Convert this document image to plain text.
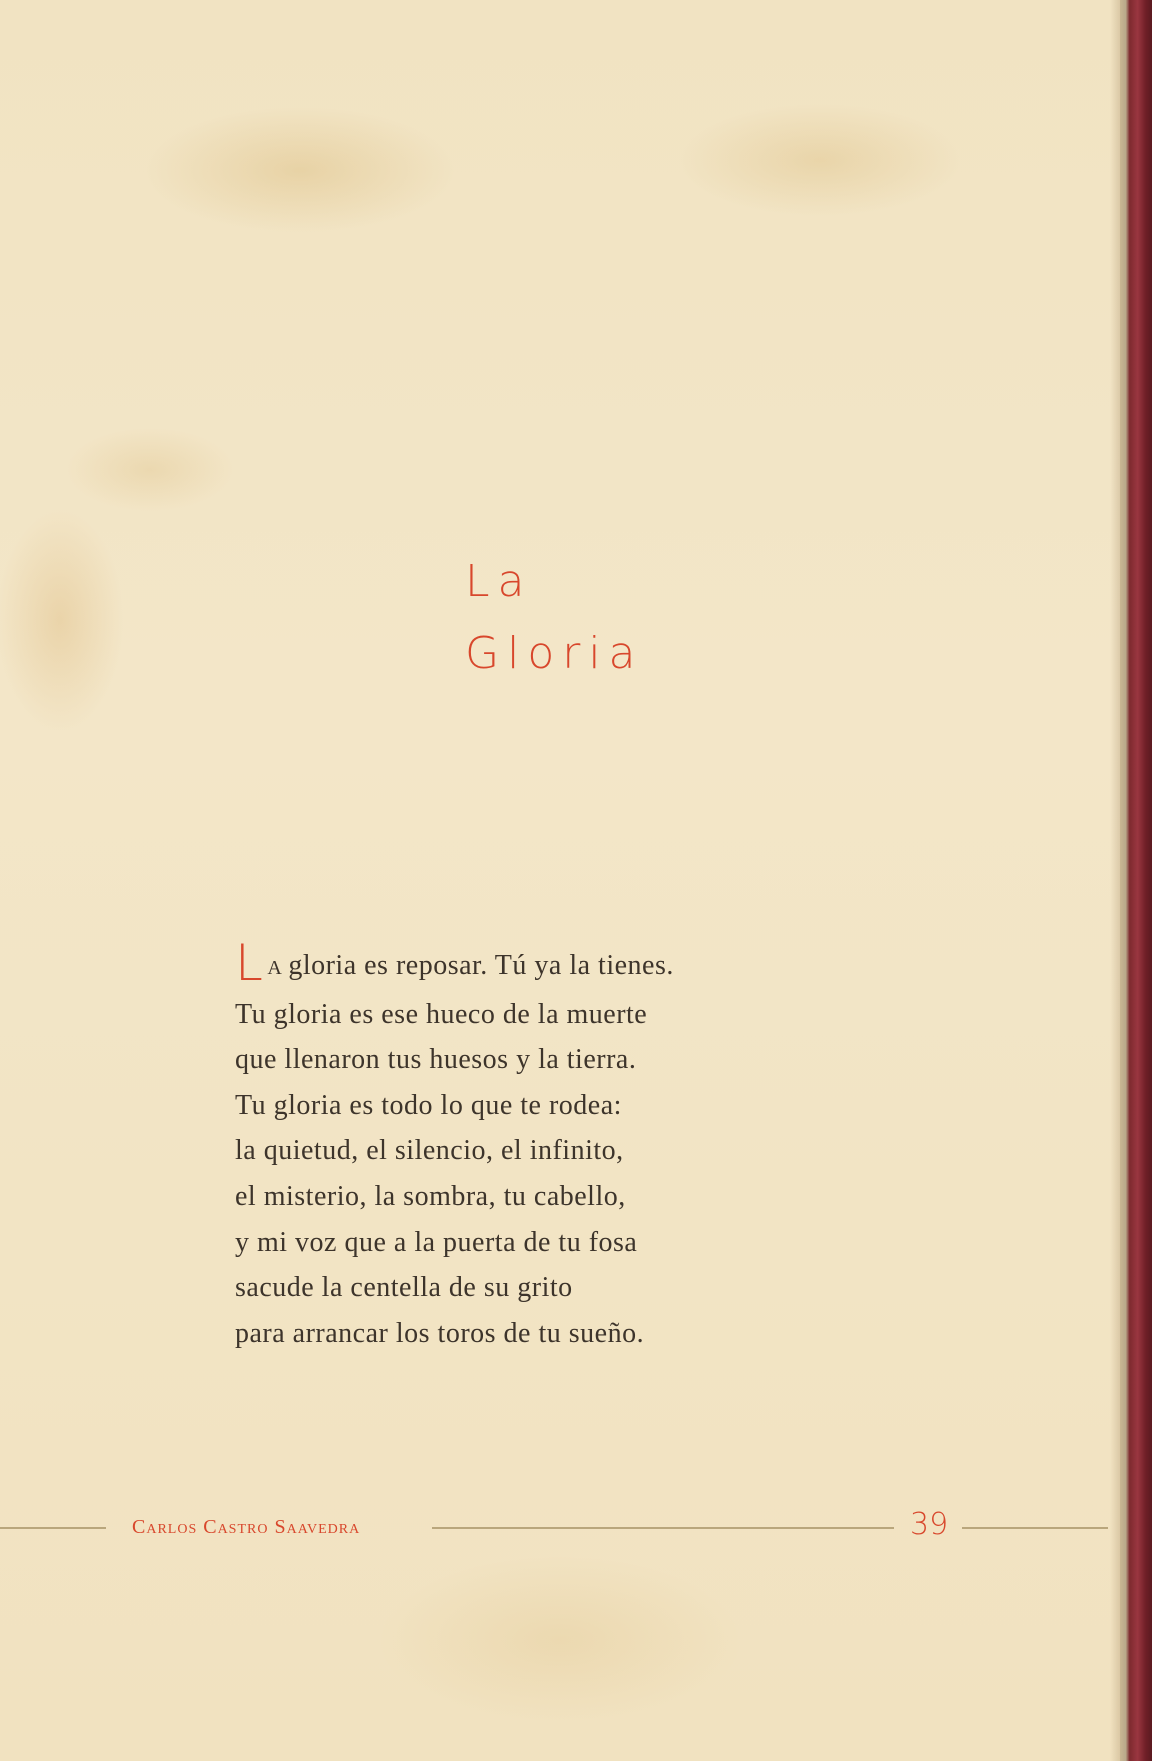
La
Gloria
L A gloria es reposar. Tú ya la tienes.
Tu gloria es ese hueco de la muerte
que llenaron tus huesos y la tierra.
Tu gloria es todo lo que te rodea:
la quietud, el silencio, el infinito,
el misterio, la sombra, tu cabello,
y mi voz que a la puerta de tu fosa
sacude la centella de su grito
para arrancar los toros de tu sueño.
Carlos Castro Saavedra	39
